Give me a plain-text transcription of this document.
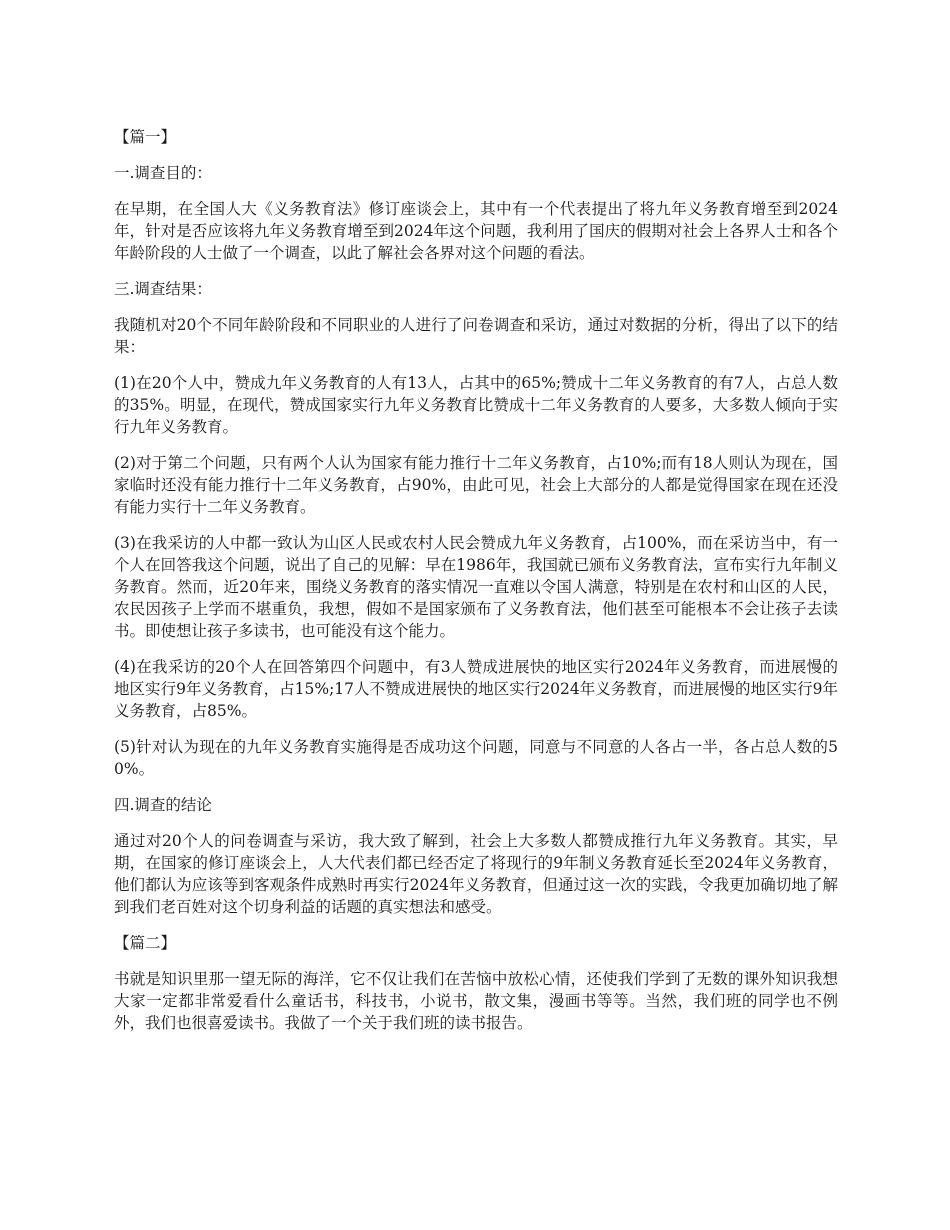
【篇一】

一.调查目的：

在早期，在全国人大《义务教育法》修订座谈会上，其中有一个代表提出了将九年义务教育增至到2024年，针对是否应该将九年义务教育增至到2024年这个问题，我利用了国庆的假期对社会上各界人士和各个年龄阶段的人士做了一个调查，以此了解社会各界对这个问题的看法。

三.调查结果：

我随机对20个不同年龄阶段和不同职业的人进行了问卷调查和采访，通过对数据的分析，得出了以下的结果：

(1)在20个人中，赞成九年义务教育的人有13人，占其中的65%;赞成十二年义务教育的有7人，占总人数的35%。明显，在现代，赞成国家实行九年义务教育比赞成十二年义务教育的人要多，大多数人倾向于实行九年义务教育。

(2)对于第二个问题，只有两个人认为国家有能力推行十二年义务教育，占10%;而有18人则认为现在，国家临时还没有能力推行十二年义务教育，占90%，由此可见，社会上大部分的人都是觉得国家在现在还没有能力实行十二年义务教育。

(3)在我采访的人中都一致认为山区人民或农村人民会赞成九年义务教育，占100%，而在采访当中，有一个人在回答我这个问题，说出了自己的见解：早在1986年，我国就已颁布义务教育法，宣布实行九年制义务教育。然而，近20年来，围绕义务教育的落实情况一直难以令国人满意，特别是在农村和山区的人民，农民因孩子上学而不堪重负，我想，假如不是国家颁布了义务教育法，他们甚至可能根本不会让孩子去读书。即使想让孩子多读书，也可能没有这个能力。

(4)在我采访的20个人在回答第四个问题中，有3人赞成进展快的地区实行2024年义务教育，而进展慢的地区实行9年义务教育，占15%;17人不赞成进展快的地区实行2024年义务教育，而进展慢的地区实行9年义务教育，占85%。

(5)针对认为现在的九年义务教育实施得是否成功这个问题，同意与不同意的人各占一半，各占总人数的50%。

四.调查的结论

通过对20个人的问卷调查与采访，我大致了解到，社会上大多数人都赞成推行九年义务教育。其实，早期，在国家的修订座谈会上，人大代表们都已经否定了将现行的9年制义务教育延长至2024年义务教育，他们都认为应该等到客观条件成熟时再实行2024年义务教育，但通过这一次的实践，令我更加确切地了解到我们老百姓对这个切身利益的话题的真实想法和感受。

【篇二】

书就是知识里那一望无际的海洋，它不仅让我们在苦恼中放松心情，还使我们学到了无数的课外知识我想大家一定都非常爱看什么童话书，科技书，小说书，散文集，漫画书等等。当然，我们班的同学也不例外，我们也很喜爱读书。我做了一个关于我们班的读书报告。
